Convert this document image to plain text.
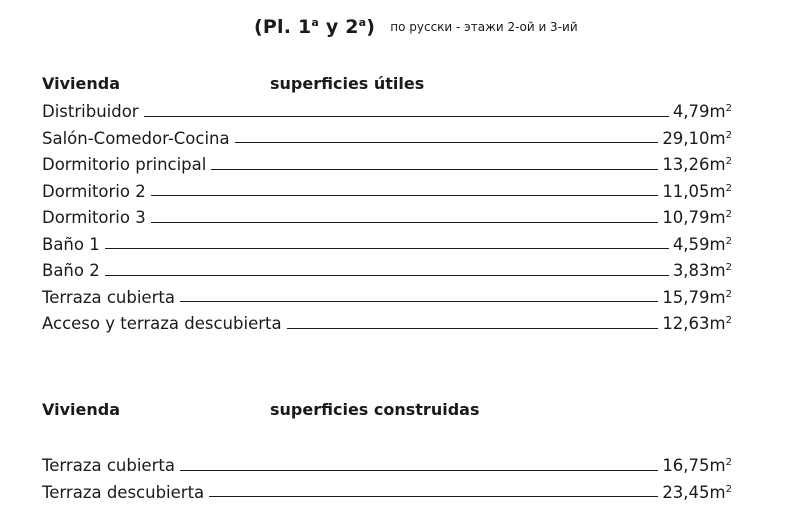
(Pl. 1$^a$ y 2$^a$) по русски - этажи 2-ой и 3-ий
Vivienda	superficies útiles
Distribuidor	$4,79m^2$
Salón-Comedor-Cocina	$29,10m^2$
Dormitorio principal	$13,26m^2$
Dormitorio 2	$11,05m^2$
Dormitorio 3	$10,79m^2$
Baño 1	$4,59m^2$
Baño 2	$3,83m^2$
Terraza cubierta	$15,79m^2$
Acceso y terraza descubierta	$12,63m^2$
Vivienda	superficies construidas
Terraza cubierta	$16,75m^2$
Terraza descubierta	$23,45m^2$
